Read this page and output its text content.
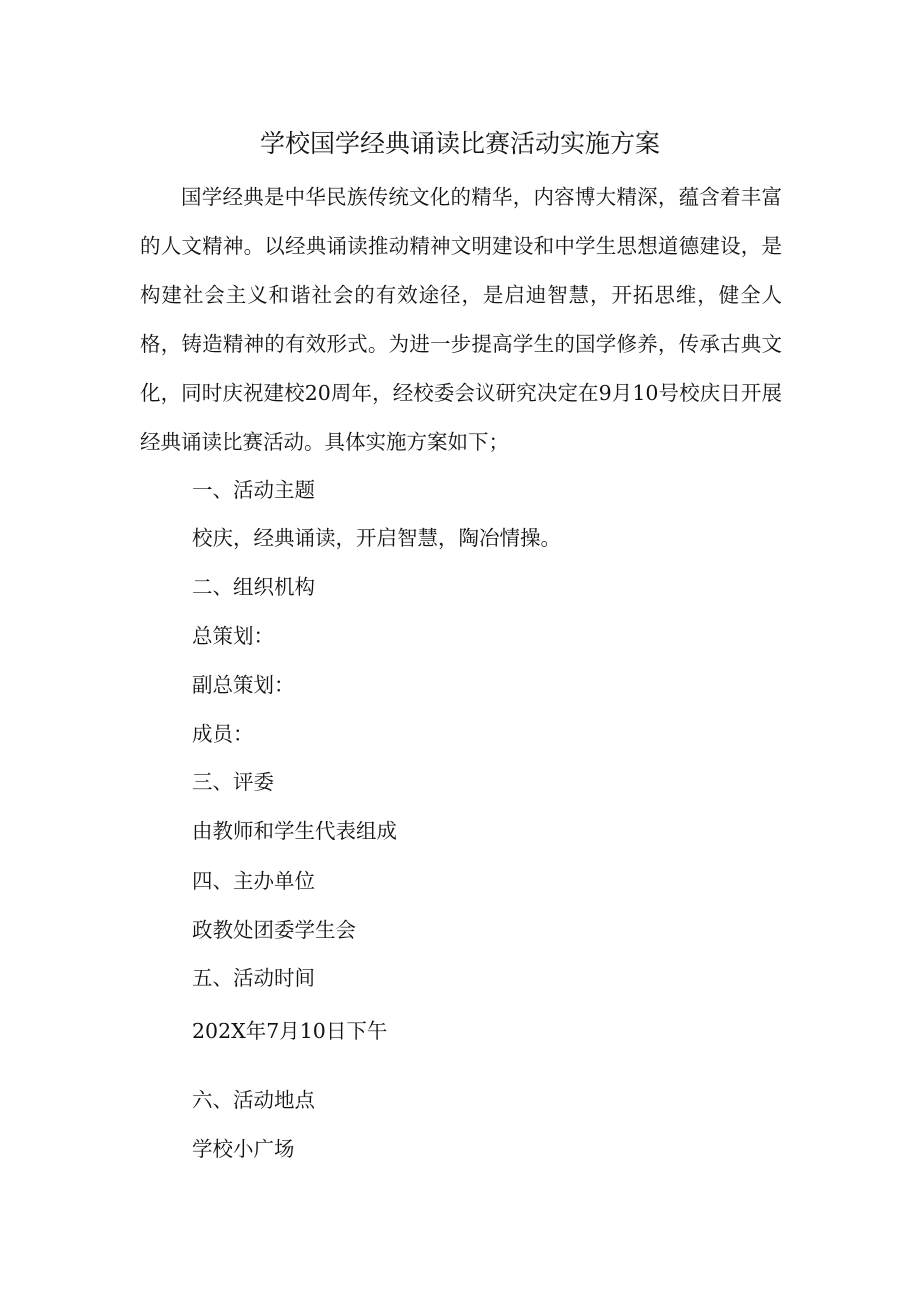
学校国学经典诵读比赛活动实施方案

国学经典是中华民族传统文化的精华，内容博大精深，蕴含着丰富的人文精神。以经典诵读推动精神文明建设和中学生思想道德建设，是构建社会主义和谐社会的有效途径，是启迪智慧，开拓思维，健全人格，铸造精神的有效形式。为进一步提高学生的国学修养，传承古典文化，同时庆祝建校20周年，经校委会议研究决定在9月10号校庆日开展经典诵读比赛活动。具体实施方案如下；

一、活动主题

校庆，经典诵读，开启智慧，陶冶情操。

二、组织机构

总策划：

副总策划：

成员：

三、评委

由教师和学生代表组成

四、主办单位

政教处团委学生会

五、活动时间

202X年7月10日下午

六、活动地点

学校小广场
